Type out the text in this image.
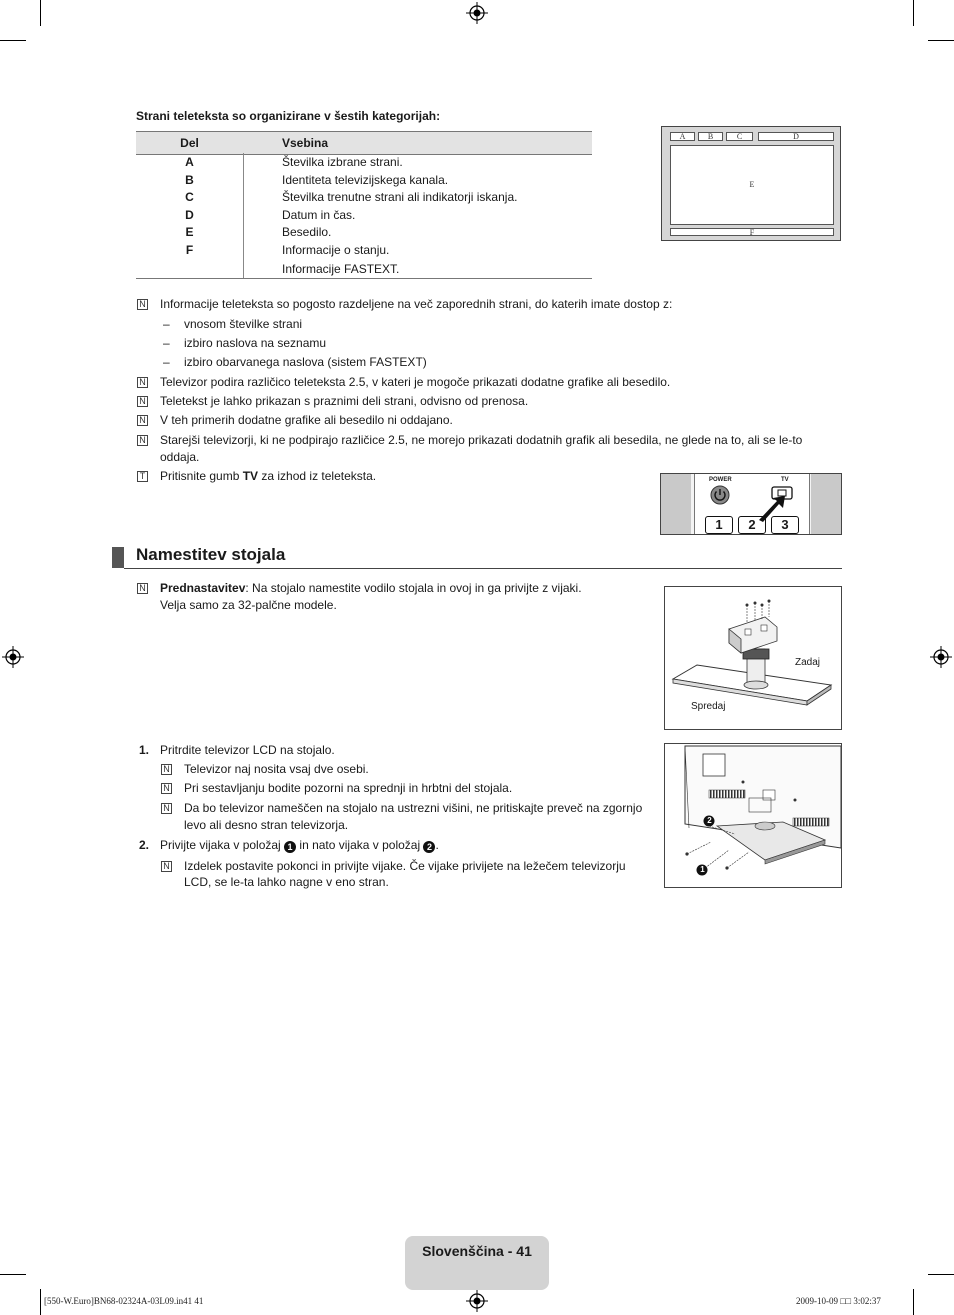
Strani teleteksta so organizirane v šestih kategorijah:
Del	Vsebina
A	Številka izbrane strani.
B	Identiteta televizijskega kanala.
C	Številka trenutne strani ali indikatorji iskanja.
D	Datum in čas.
E	Besedilo.
F	Informacije o stanju.
Informacije FASTEXT.
A	B	C	D
E
F
N Informacije teleteksta so pogosto razdeljene na več zaporednih strani, do katerih imate dostop z:
– vnosom številke strani
– izbiro naslova na seznamu
– izbiro obarvanega naslova (sistem FASTEXT)
N Televizor podira različico teleteksta 2.5, v kateri je mogoče prikazati dodatne grafike ali besedilo.
N Teletekst je lahko prikazan s praznimi deli strani, odvisno od prenosa.
N V teh primerih dodatne grafike ali besedilo ni oddajano.
N Starejši televizorji, ki ne podpirajo različice 2.5, ne morejo prikazati dodatnih grafik ali besedila, ne glede na to, ali se le-to
oddaja.
T Pritisnite gumb TV za izhod iz teleteksta.	POWER	TV
1	2	3
Namestitev stojala
N Prednastavitev: Na stojalo namestite vodilo stojala in ovoj in ga privijte z vijaki.
Velja samo za 32-palčne modele.
Zadaj
Spredaj
1. Pritrdite televizor LCD na stojalo.
N Televizor naj nosita vsaj dve osebi.
N Pri sestavljanju bodite pozorni na sprednji in hrbtni del stojala.
N Da bo televizor nameščen na stojalo na ustrezni višini, ne pritiskajte preveč na zgornjo
levo ali desno stran televizorja.
2. Privijte vijaka v položaj 1 in nato vijaka v položaj 2 .
N Izdelek postavite pokonci in privijte vijake. Če vijake privijete na ležečem televizorju
LCD, se le-ta lahko nagne v eno stran.
2
1
Slovenščina - 41
[550-W.Euro]BN68-02324A-03L09.in41 41	2009-10-09 □□ 3:02:37
